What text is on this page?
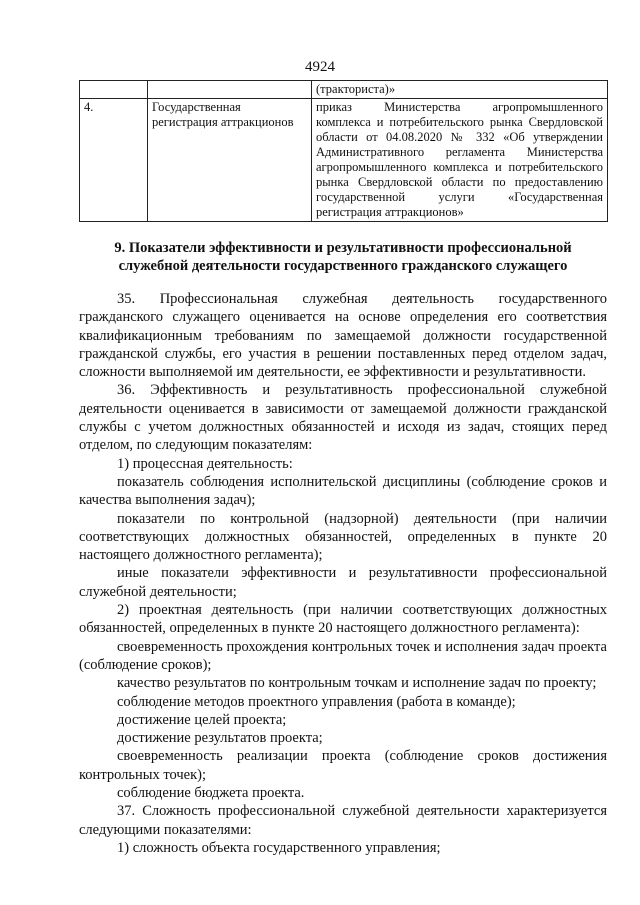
4924
		(тракториста)»
4.	Государственная регистрация аттракционов	приказ Министерства агропромышленного комплекса и потребительского рынка Свердловской области от 04.08.2020 № 332 «Об утверждении Административного регламента Министерства агропромышленного комплекса и потребительского рынка Свердловской области по предоставлению государственной услуги «Государственная регистрация аттракционов»
9. Показатели эффективности и результативности профессиональной служебной деятельности государственного гражданского служащего

35. Профессиональная служебная деятельность государственного гражданского служащего оценивается на основе определения его соответствия квалификационным требованиям по замещаемой должности государственной гражданской службы, его участия в решении поставленных перед отделом задач, сложности выполняемой им деятельности, ее эффективности и результативности.

36. Эффективность и результативность профессиональной служебной деятельности оценивается в зависимости от замещаемой должности гражданской службы с учетом должностных обязанностей и исходя из задач, стоящих перед отделом, по следующим показателям:

1) процессная деятельность:

показатель соблюдения исполнительской дисциплины (соблюдение сроков и качества выполнения задач);

показатели по контрольной (надзорной) деятельности (при наличии соответствующих должностных обязанностей, определенных в пункте 20 настоящего должностного регламента);

иные показатели эффективности и результативности профессиональной служебной деятельности;

2) проектная деятельность (при наличии соответствующих должностных обязанностей, определенных в пункте 20 настоящего должностного регламента):

своевременность прохождения контрольных точек и исполнения задач проекта (соблюдение сроков);

качество результатов по контрольным точкам и исполнение задач по проекту;

соблюдение методов проектного управления (работа в команде);

достижение целей проекта;

достижение результатов проекта;

своевременность реализации проекта (соблюдение сроков достижения контрольных точек);

соблюдение бюджета проекта.

37. Сложность профессиональной служебной деятельности характеризуется следующими показателями:

1) сложность объекта государственного управления;
